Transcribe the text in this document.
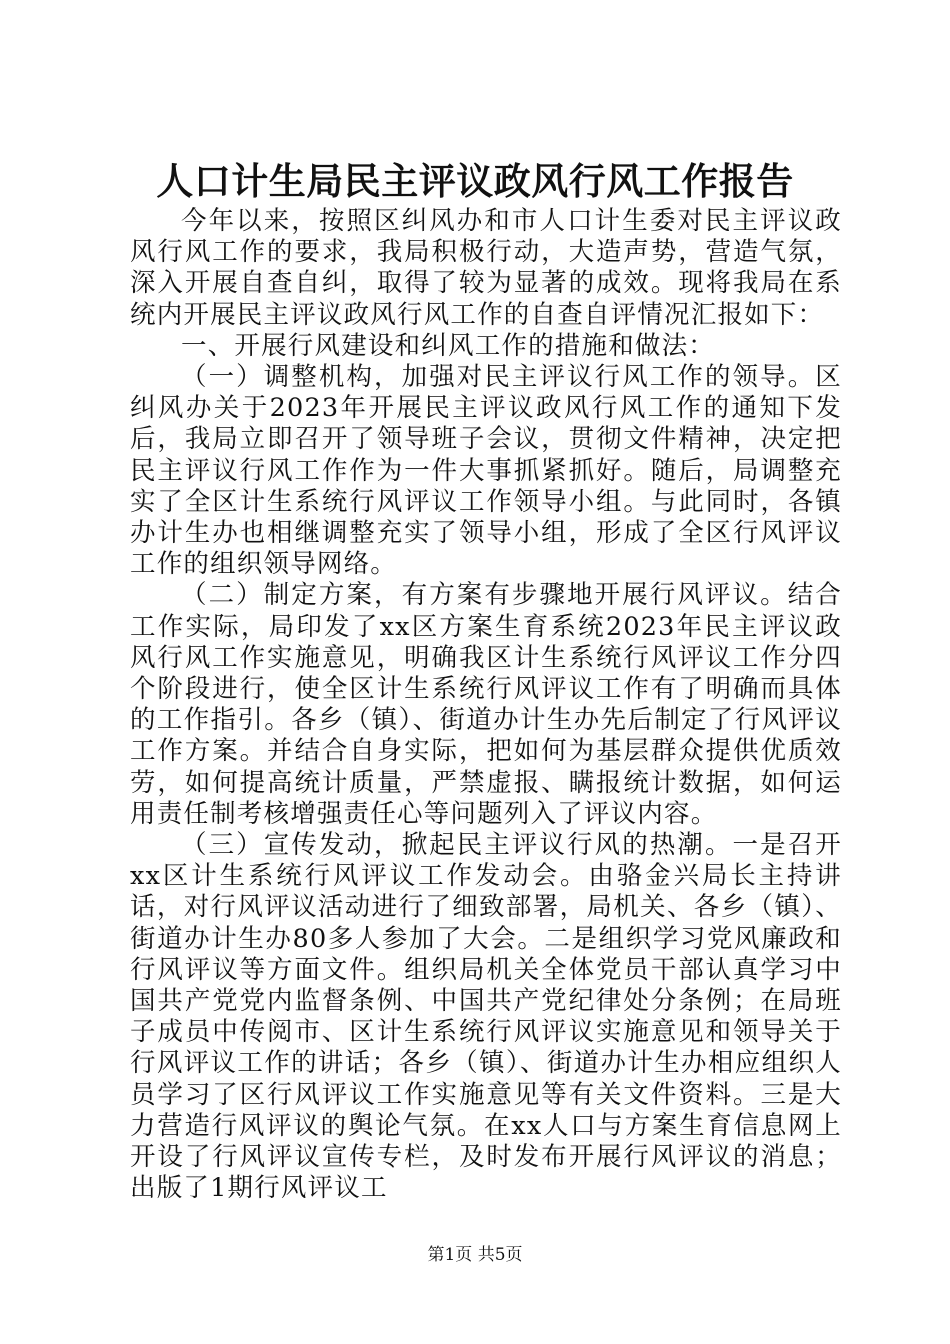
人口计生局民主评议政风行风工作报告

今年以来，按照区纠风办和市人口计生委对民主评议政风行风工作的要求，我局积极行动，大造声势，营造气氛，深入开展自查自纠，取得了较为显著的成效。现将我局在系统内开展民主评议政风行风工作的自查自评情况汇报如下：

一、开展行风建设和纠风工作的措施和做法：

（一）调整机构，加强对民主评议行风工作的领导。区纠风办关于2023年开展民主评议政风行风工作的通知下发后，我局立即召开了领导班子会议，贯彻文件精神，决定把民主评议行风工作作为一件大事抓紧抓好。随后，局调整充实了全区计生系统行风评议工作领导小组。与此同时，各镇办计生办也相继调整充实了领导小组，形成了全区行风评议工作的组织领导网络。

（二）制定方案，有方案有步骤地开展行风评议。结合工作实际，局印发了xx区方案生育系统2023年民主评议政风行风工作实施意见，明确我区计生系统行风评议工作分四个阶段进行，使全区计生系统行风评议工作有了明确而具体的工作指引。各乡（镇）、街道办计生办先后制定了行风评议工作方案。并结合自身实际，把如何为基层群众提供优质效劳，如何提高统计质量，严禁虚报、瞒报统计数据，如何运用责任制考核增强责任心等问题列入了评议内容。

（三）宣传发动，掀起民主评议行风的热潮。一是召开xx区计生系统行风评议工作发动会。由骆金兴局长主持讲话，对行风评议活动进行了细致部署，局机关、各乡（镇）、街道办计生办80多人参加了大会。二是组织学习党风廉政和行风评议等方面文件。组织局机关全体党员干部认真学习中国共产党党内监督条例、中国共产党纪律处分条例；在局班子成员中传阅市、区计生系统行风评议实施意见和领导关于行风评议工作的讲话；各乡（镇）、街道办计生办相应组织人员学习了区行风评议工作实施意见等有关文件资料。三是大力营造行风评议的舆论气氛。在xx人口与方案生育信息网上开设了行风评议宣传专栏，及时发布开展行风评议的消息；出版了1期行风评议工

第1页 共5页
